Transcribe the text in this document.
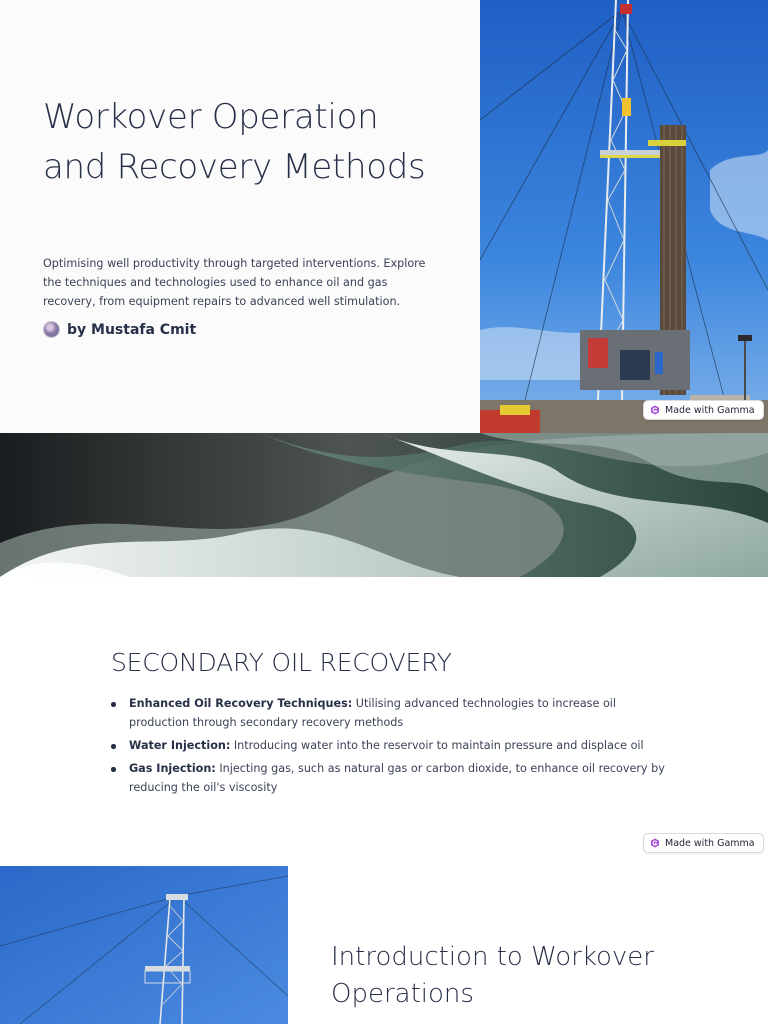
Workover Operation and Recovery Methods

Optimising well productivity through targeted interventions. Explore the techniques and technologies used to enhance oil and gas recovery, from equipment repairs to advanced well stimulation.

by Mustafa Cmit
Made with Gamma
SECONDARY OIL RECOVERY
Enhanced Oil Recovery Techniques: Utilising advanced technologies to increase oil production through secondary recovery methods
Water Injection: Introducing water into the reservoir to maintain pressure and displace oil
Gas Injection: Injecting gas, such as natural gas or carbon dioxide, to enhance oil recovery by reducing the oil's viscosity
Made with Gamma
Introduction to Workover Operations
